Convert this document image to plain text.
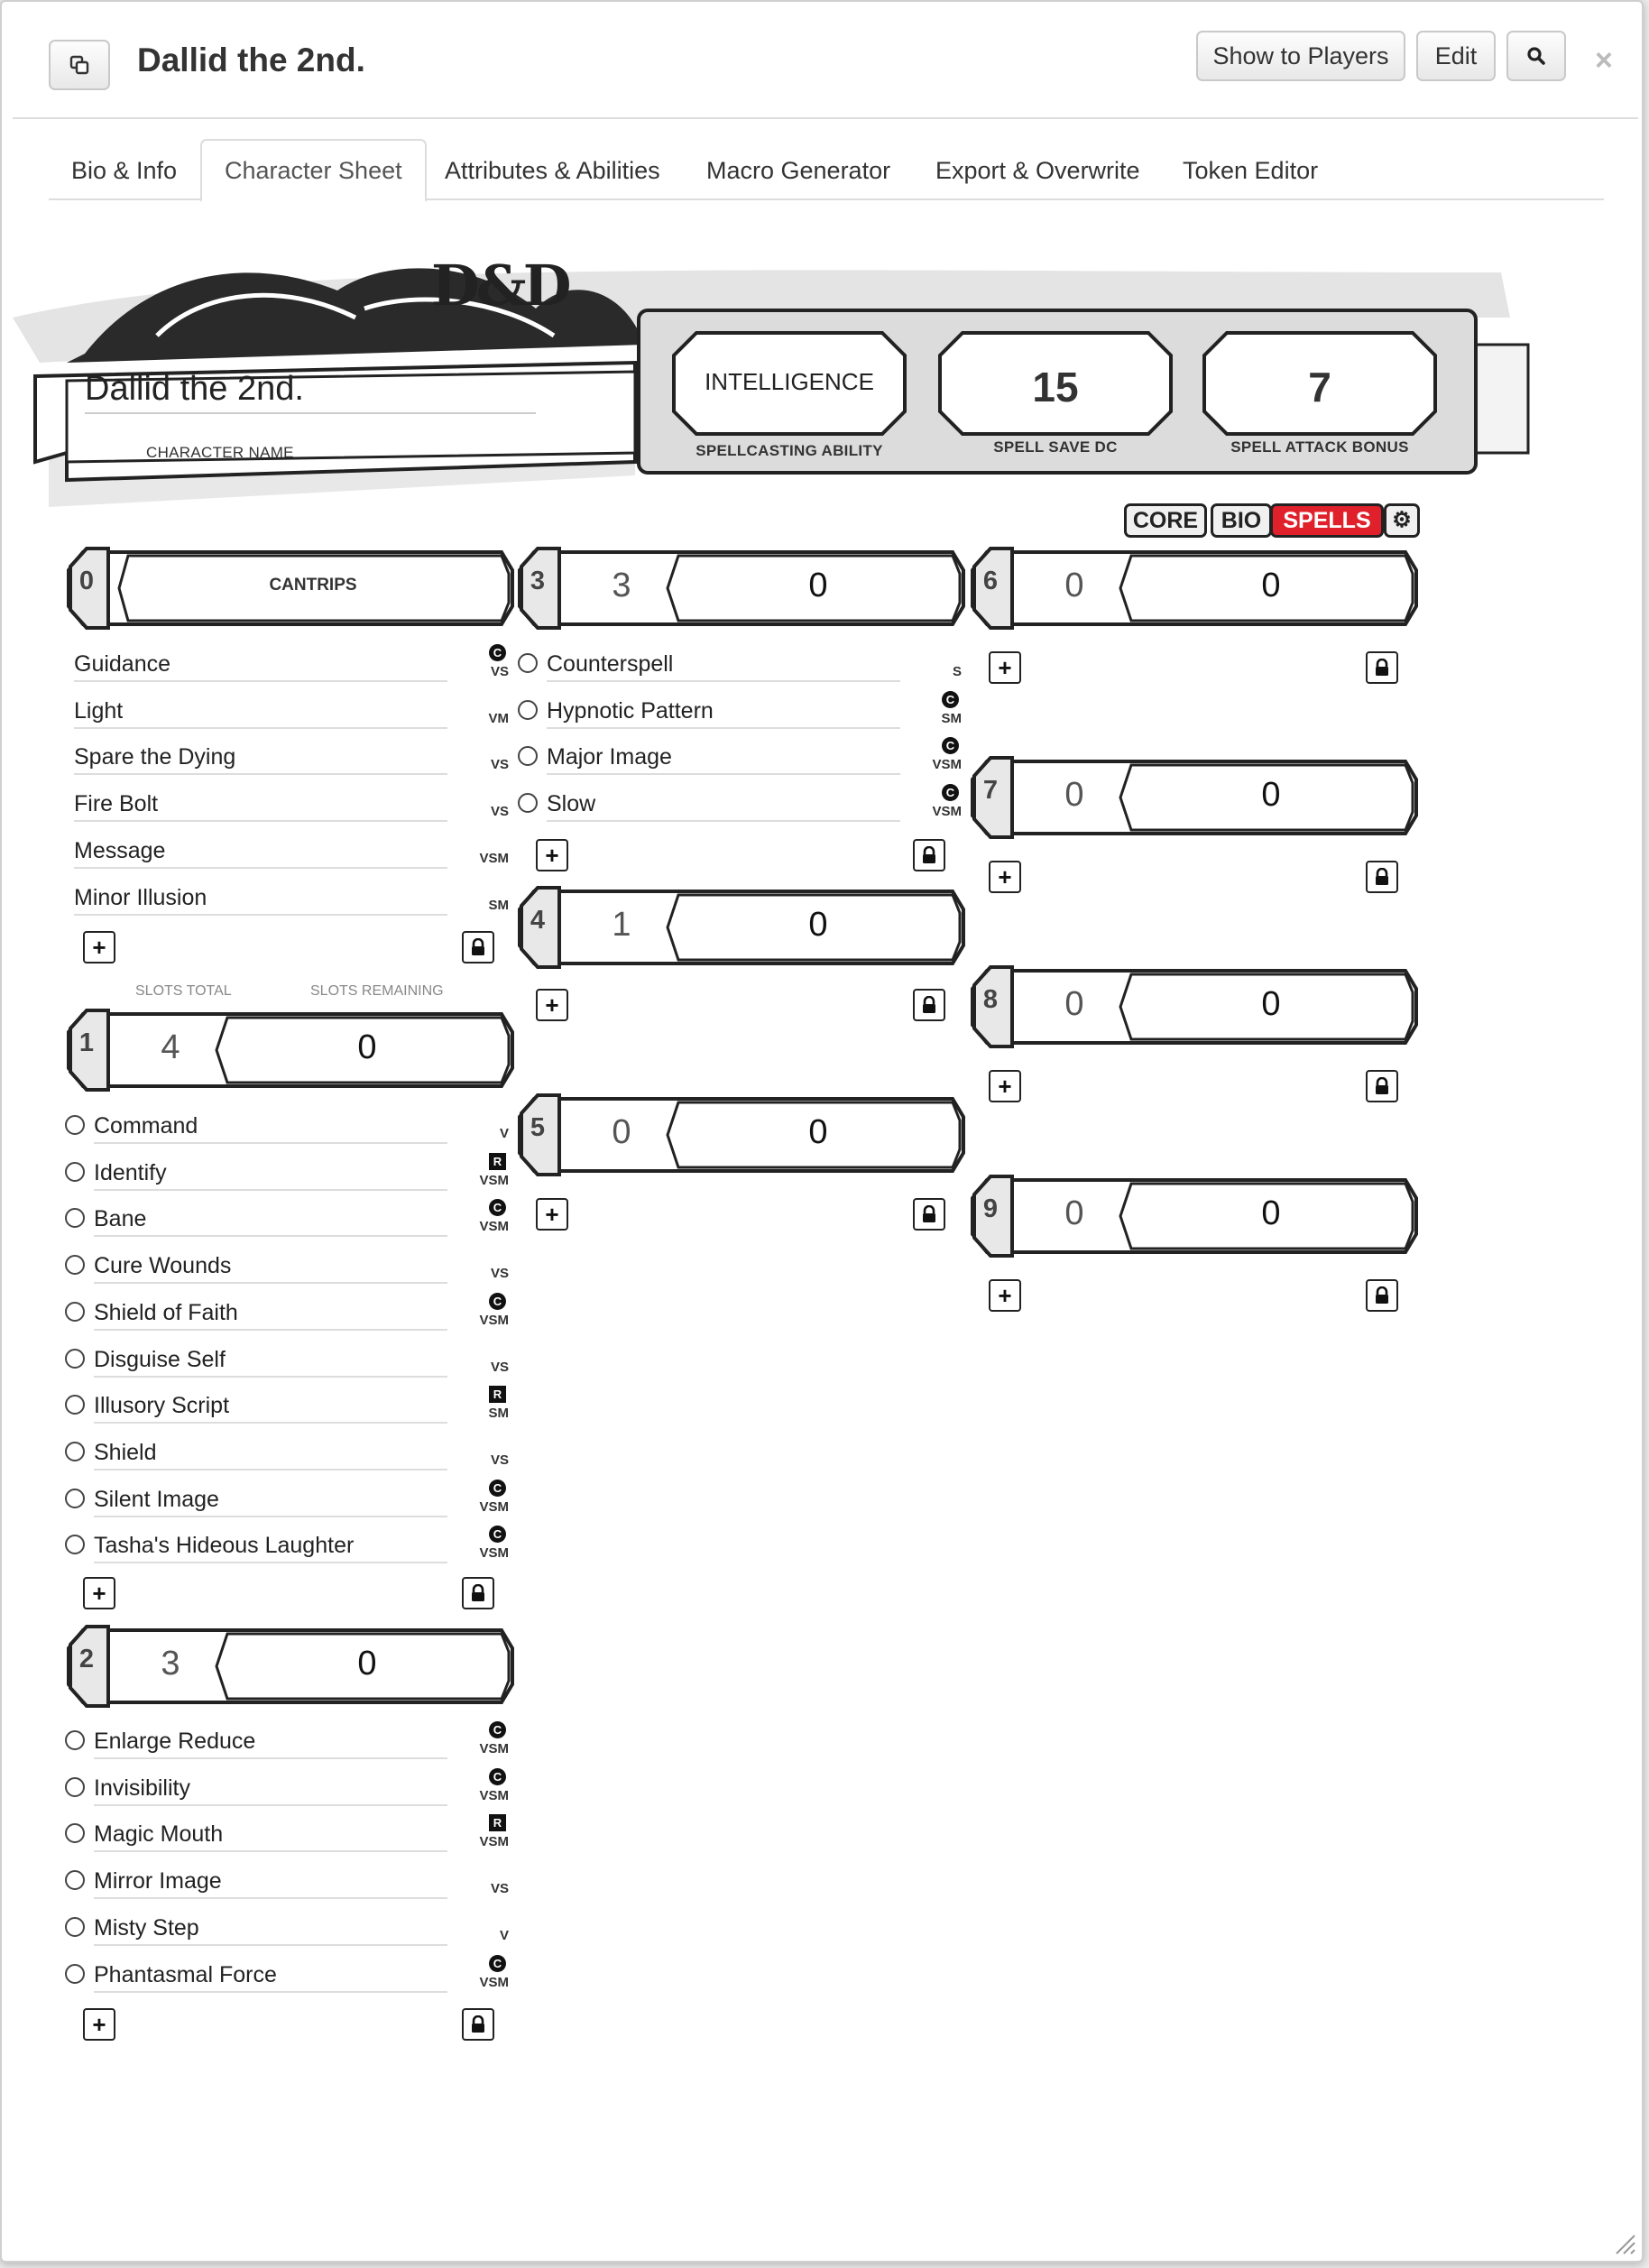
Dallid the 2nd.	Show to Players	Edit	×
Bio & Info	Character Sheet	Attributes & Abilities	Macro Generator	Export & Overwrite	Token Editor
D&D
Dallid the 2nd.
CHARACTER NAME
INTELLIGENCE
SPELLCASTING ABILITY
15
SPELL SAVE DC
7
SPELL ATTACK BONUS
CORE	BIO SPELLS ⚙
0	CANTRIPS
1	4	0
2	3	0
3	3	0
4	1	0
5	0	0
6	0	0
7	0	0
8	0	0
9	0	0
SLOTS TOTAL	SLOTS REMAINING
Guidance	VS
C
Light	VM
Spare the Dying	VS
Fire Bolt	VS
Message	VSM
Minor Illusion	SM
Command	V
Identify	VSM
R
Bane	VSM
C
Cure Wounds	VS
Shield of Faith	VSM
C
Disguise Self	VS
Illusory Script	SM
R
Shield	VS
Silent Image	VSM
C
Tasha's Hideous Laughter	VSM
C
Enlarge Reduce	VSM
C
Invisibility	VSM
C
Magic Mouth	VSM
R
Mirror Image	VS
Misty Step	V
Phantasmal Force	VSM
C
Counterspell	S
Hypnotic Pattern	SM
C
Major Image	VSM
C
Slow	VSM
C
+
+
+
+
+
+
+
+
+
+
